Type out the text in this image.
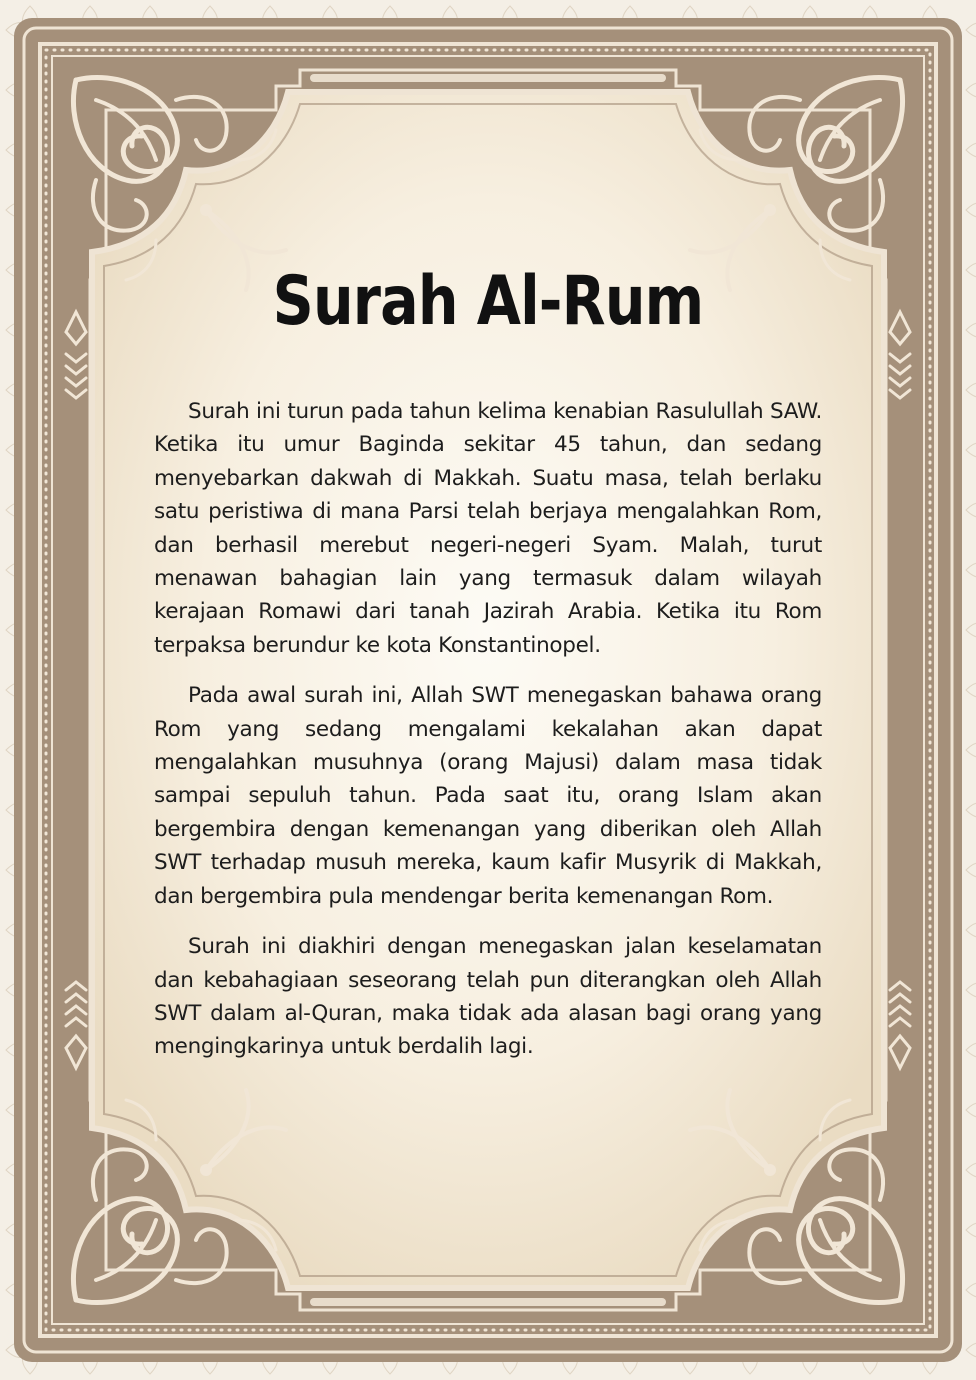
Surah Al-Rum

Surah ini turun pada tahun kelima kenabian Rasulullah SAW. Ketika itu umur Baginda sekitar 45 tahun, dan sedang menyebarkan dakwah di Makkah. Suatu masa, telah berlaku satu peristiwa di mana Parsi telah berjaya mengalahkan Rom, dan berhasil merebut negeri-negeri Syam. Malah, turut menawan bahagian lain yang termasuk dalam wilayah kerajaan Romawi dari tanah Jazirah Arabia. Ketika itu Rom terpaksa berundur ke kota Konstantinopel.

Pada awal surah ini, Allah SWT menegaskan bahawa orang Rom yang sedang mengalami kekalahan akan dapat mengalahkan musuhnya (orang Majusi) dalam masa tidak sampai sepuluh tahun. Pada saat itu, orang Islam akan bergembira dengan kemenangan yang diberikan oleh Allah SWT terhadap musuh mereka, kaum kafir Musyrik di Makkah, dan bergembira pula mendengar berita kemenangan Rom.

Surah ini diakhiri dengan menegaskan jalan keselamatan dan kebahagiaan seseorang telah pun diterangkan oleh Allah SWT dalam al-Quran, maka tidak ada alasan bagi orang yang mengingkarinya untuk berdalih lagi.
